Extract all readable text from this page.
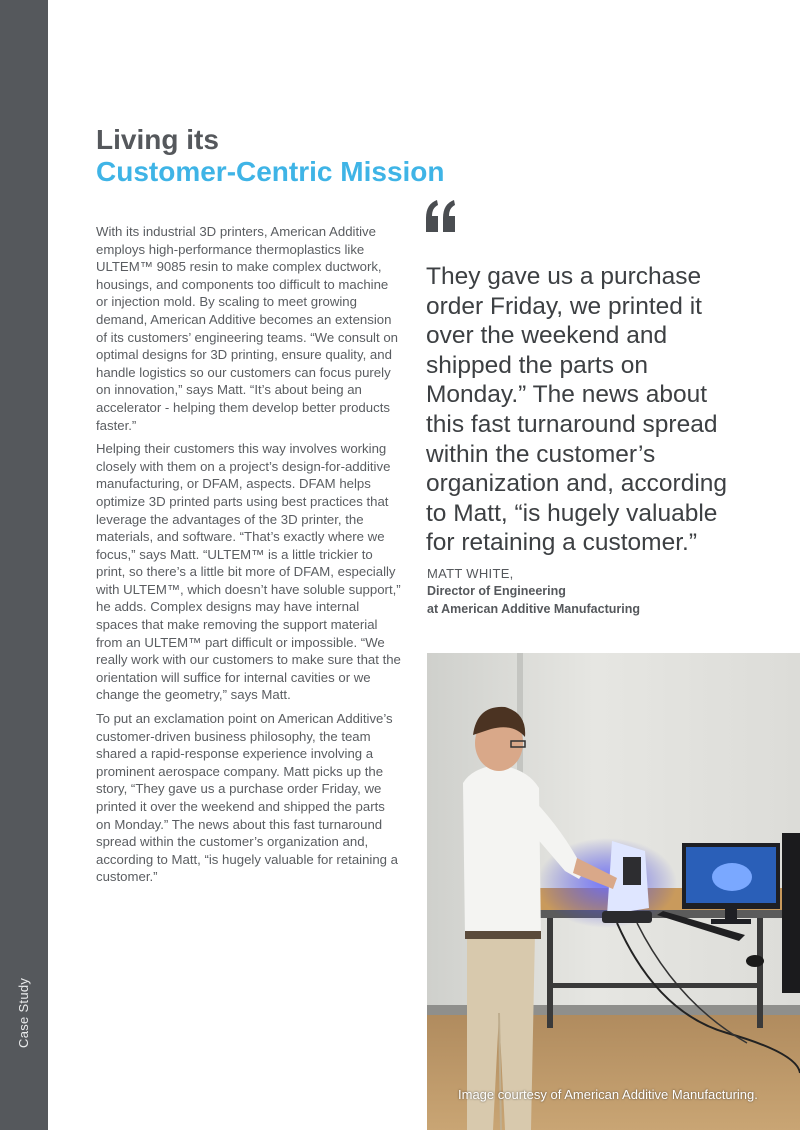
Case Study
Living its
Customer-Centric Mission

With its industrial 3D printers, American Additive employs high-performance thermoplastics like ULTEM™ 9085 resin to make complex ductwork, housings, and components too difficult to machine or injection mold. By scaling to meet growing demand, American Additive becomes an extension of its customers’ engineering teams. “We consult on optimal designs for 3D printing, ensure quality, and handle logistics so our customers can focus purely on innovation,” says Matt. “It’s about being an accelerator - helping them develop better products faster.”

Helping their customers this way involves working closely with them on a project’s design-for-additive manufacturing, or DFAM, aspects. DFAM helps optimize 3D printed parts using best practices that leverage the advantages of the 3D printer, the materials, and software. “That’s exactly where we focus,” says Matt. “ULTEM™ is a little trickier to print, so there’s a little bit more of DFAM, especially with ULTEM™, which doesn’t have soluble support,” he adds. Complex designs may have internal spaces that make removing the support material from an ULTEM™ part difficult or impossible. “We really work with our customers to make sure that the orientation will suffice for internal cavities or we change the geometry,” says Matt.

To put an exclamation point on American Additive’s customer-driven business philosophy, the team shared a rapid-response experience involving a prominent aerospace company. Matt picks up the story, “They gave us a purchase order Friday, we printed it over the weekend and shipped the parts on Monday.” The news about this fast turnaround spread within the customer’s organization and, according to Matt, “is hugely valuable for retaining a customer.”

They gave us a purchase order Friday, we printed it over the weekend and shipped the parts on Monday.” The news about this fast turnaround spread within the customer’s organization and, according to Matt, “is hugely valuable for retaining a customer.”
MATT WHITE,
Director of Engineering
at American Additive Manufacturing
Image courtesy of American Additive Manufacturing.
